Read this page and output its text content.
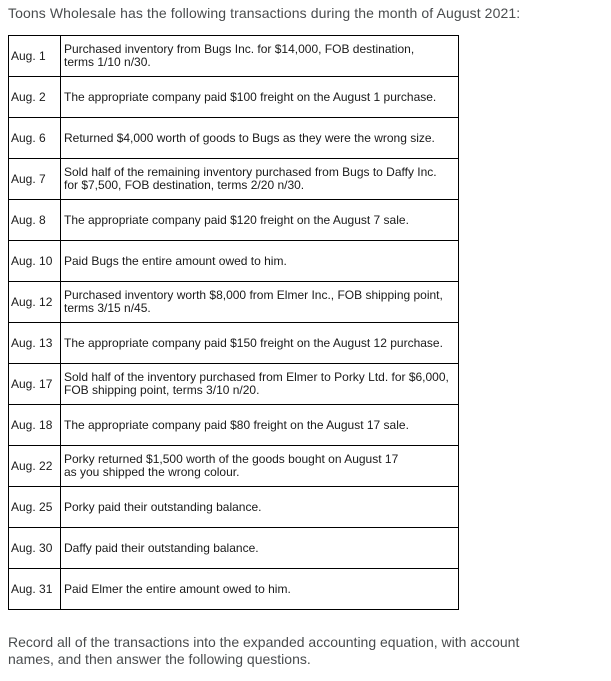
Toons Wholesale has the following transactions during the month of August 2021:
Aug. 1	Purchased inventory from Bugs Inc. for $14,000, FOB destination,
terms 1/10 n/30.
Aug. 2	The appropriate company paid $100 freight on the August 1 purchase.
Aug. 6	Returned $4,000 worth of goods to Bugs as they were the wrong size.
Aug. 7	Sold half of the remaining inventory purchased from Bugs to Daffy Inc.
for $7,500, FOB destination, terms 2/20 n/30.
Aug. 8	The appropriate company paid $120 freight on the August 7 sale.
Aug. 10	Paid Bugs the entire amount owed to him.
Aug. 12	Purchased inventory worth $8,000 from Elmer Inc., FOB shipping point,
terms 3/15 n/45.
Aug. 13	The appropriate company paid $150 freight on the August 12 purchase.
Aug. 17	Sold half of the inventory purchased from Elmer to Porky Ltd. for $6,000,
FOB shipping point, terms 3/10 n/20.
Aug. 18	The appropriate company paid $80 freight on the August 17 sale.
Aug. 22	Porky returned $1,500 worth of the goods bought on August 17
as you shipped the wrong colour.
Aug. 25	Porky paid their outstanding balance.
Aug. 30	Daffy paid their outstanding balance.
Aug. 31	Paid Elmer the entire amount owed to him.
Record all of the transactions into the expanded accounting equation, with account names, and then answer the following questions.
